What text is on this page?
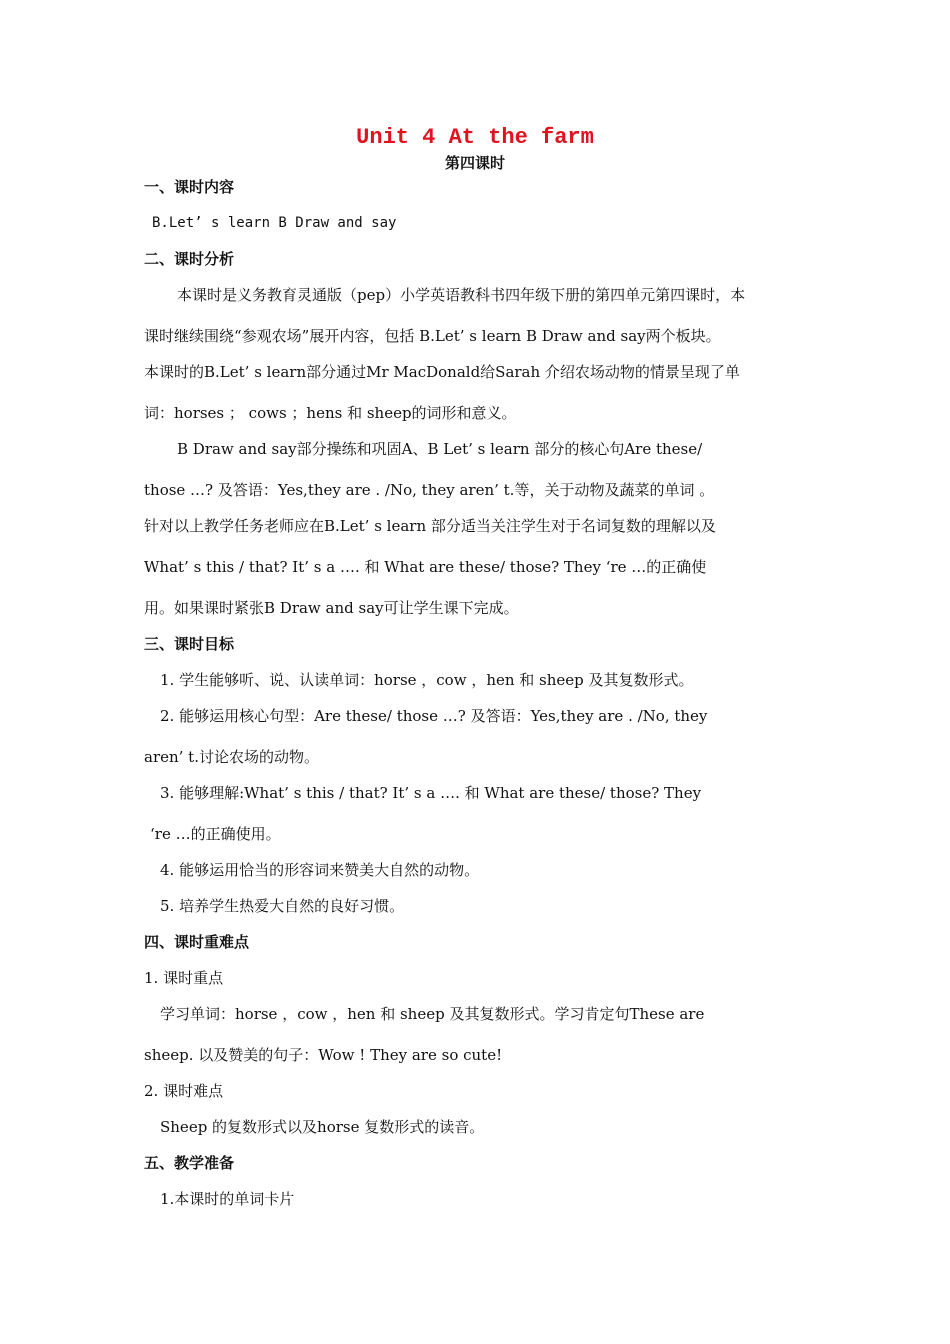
Unit 4 At the farm
第四课时
一、课时内容
B.Let’ s learn B Draw and say
二、课时分析
本课时是义务教育灵通版（pep）小学英语教科书四年级下册的第四单元第四课时，本
课时继续围绕“参观农场”展开内容，包括 B.Let’ s learn B Draw and say两个板块。
本课时的B.Let’ s learn部分通过Mr MacDonald给Sarah 介绍农场动物的情景呈现了单
词：horses ； cows ；hens 和 sheep的词形和意义。
B Draw and say部分操练和巩固A、B Let’ s learn 部分的核心句Are these/
those …? 及答语：Yes,they are . /No, they aren’ t.等，关于动物及蔬菜的单词 。
针对以上教学任务老师应在B.Let’ s learn 部分适当关注学生对于名词复数的理解以及
What’ s this / that? It’ s a …. 和 What are these/ those? They ‘re …的正确使
用。如果课时紧张B Draw and say可让学生课下完成。
三、课时目标
1. 学生能够听、说、认读单词：horse ，cow ，hen 和 sheep 及其复数形式。
2. 能够运用核心句型：Are these/ those …? 及答语：Yes,they are . /No, they
aren’ t.讨论农场的动物。
3. 能够理解:What’ s this / that? It’ s a …. 和 What are these/ those? They
‘re …的正确使用。
4. 能够运用恰当的形容词来赞美大自然的动物。
5. 培养学生热爱大自然的良好习惯。
四、课时重难点
1. 课时重点
学习单词：horse ，cow ，hen 和 sheep 及其复数形式。学习肯定句These are
sheep. 以及赞美的句子：Wow ! They are so cute!
2. 课时难点
Sheep 的复数形式以及horse 复数形式的读音。
五、教学准备
1.本课时的单词卡片
